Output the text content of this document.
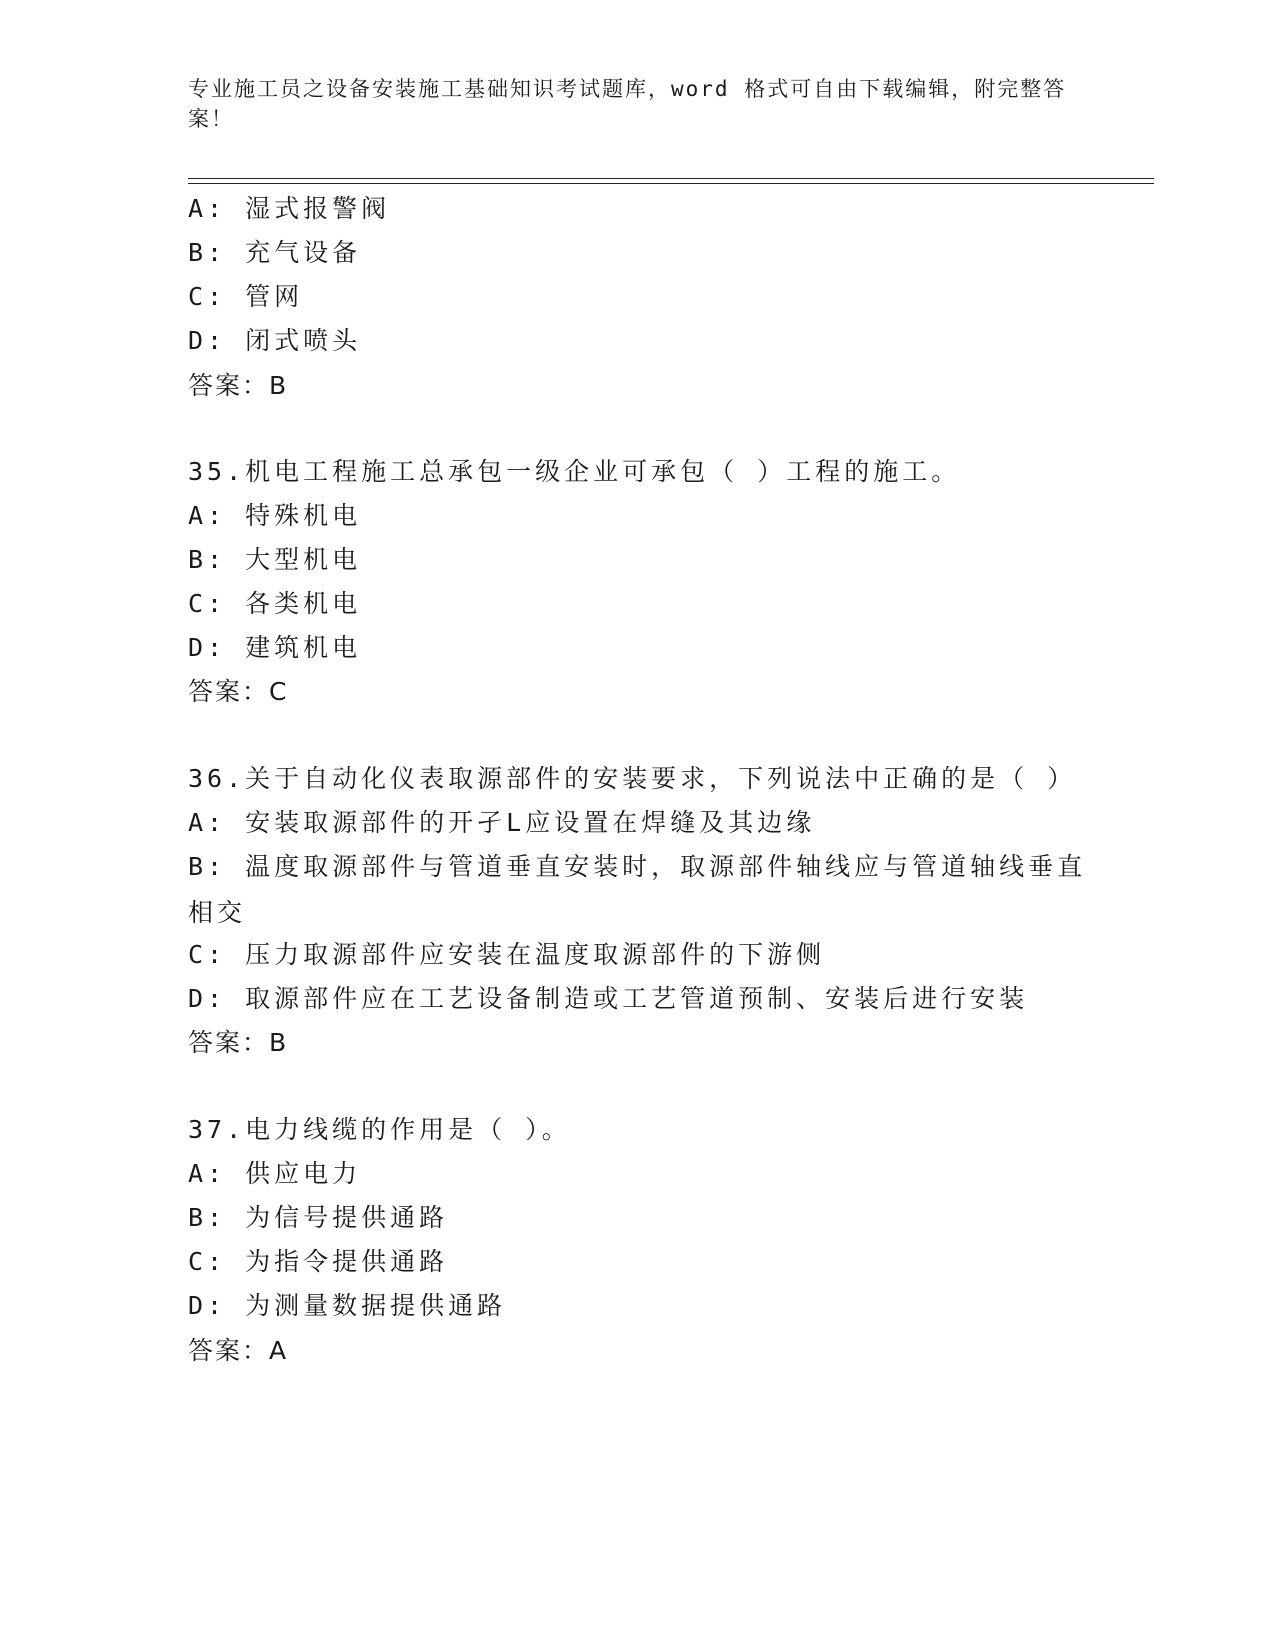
专业施工员之设备安装施工基础知识考试题库，word 格式可自由下载编辑，附完整答案！
A: 湿式报警阀
B: 充气设备
C: 管网
D: 闭式喷头
答案：B
35.机电工程施工总承包一级企业可承包（ ）工程的施工。
A: 特殊机电
B: 大型机电
C: 各类机电
D: 建筑机电
答案：C
36.关于自动化仪表取源部件的安装要求，下列说法中正确的是（ ）
A: 安装取源部件的开孑L应设置在焊缝及其边缘
B: 温度取源部件与管道垂直安装时，取源部件轴线应与管道轴线垂直相交
C: 压力取源部件应安装在温度取源部件的下游侧
D: 取源部件应在工艺设备制造或工艺管道预制、安装后进行安装
答案：B
37.电力线缆的作用是（ ）。
A: 供应电力
B: 为信号提供通路
C: 为指令提供通路
D: 为测量数据提供通路
答案：A
